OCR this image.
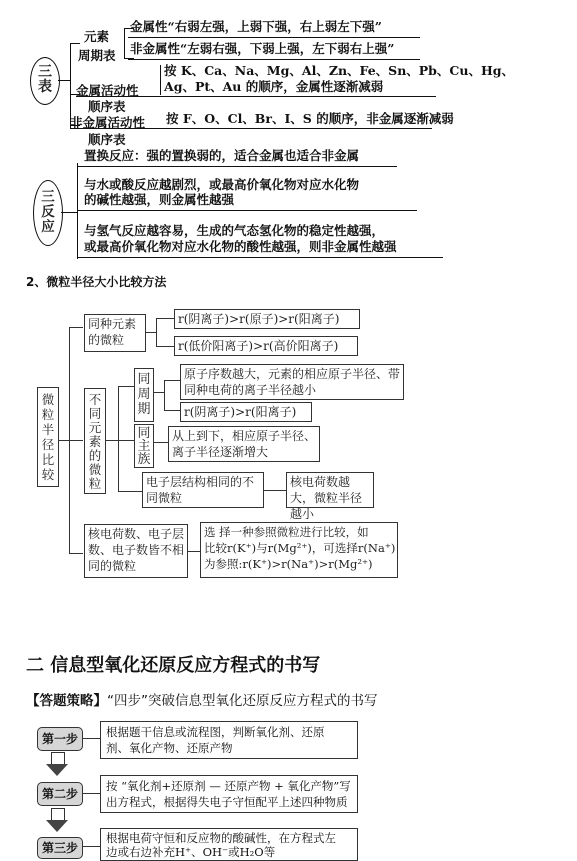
三表
元素
周期表
金属性“右弱左强，上弱下强，右上弱左下强”
非金属性“左弱右强，下弱上强，左下弱右上强”
金属活动性
顺序表
按 K、Ca、Na、Mg、Al、Zn、Fe、Sn、Pb、Cu、Hg、
Ag、Pt、Au 的顺序，金属性逐渐减弱
非金属活动性
顺序表
按 F、O、Cl、Br、I、S 的顺序，非金属逐渐减弱
三反应
置换反应：强的置换弱的，适合金属也适合非金属
与水或酸反应越剧烈，或最高价氧化物对应水化物
的碱性越强，则金属性越强
与氢气反应越容易，生成的气态氢化物的稳定性越强，
或最高价氧化物对应水化物的酸性越强，则非金属性越强
2、微粒半径大小比较方法
微粒半径比较
同种元素的微粒
r(阴离子)>r(原子)>r(阳离子)
r(低价阳离子)>r(高价阳离子)
不同元素的微粒
同周期
原子序数越大，元素的相应原子半径、带同种电荷的离子半径越小
r(阴离子)>r(阳离子)
同主族
从上到下，相应原子半径、离子半径逐渐增大
电子层结构相同的不同微粒
核电荷数越大，微粒半径越小
核电荷数、电子层数、电子数皆不相同的微粒
选 择一种参照微粒进行比较，如
比较r(K⁺)与r(Mg²⁺)，可选择r(Na⁺)
为参照:r(K⁺)>r(Na⁺)>r(Mg²⁺)
二 信息型氧化还原反应方程式的书写
【答题策略】“四步”突破信息型氧化还原反应方程式的书写
第一步	根据题干信息或流程图，判断氧化剂、还原
剂、氧化产物、还原产物
第二步
按 “氧化剂+还原剂 — 还原产物 + 氧化产物”写
出方程式，根据得失电子守恒配平上述四种物质
第三步
根据电荷守恒和反应物的酸碱性，在方程式左
边或右边补充H⁺、OH⁻或H₂O等
